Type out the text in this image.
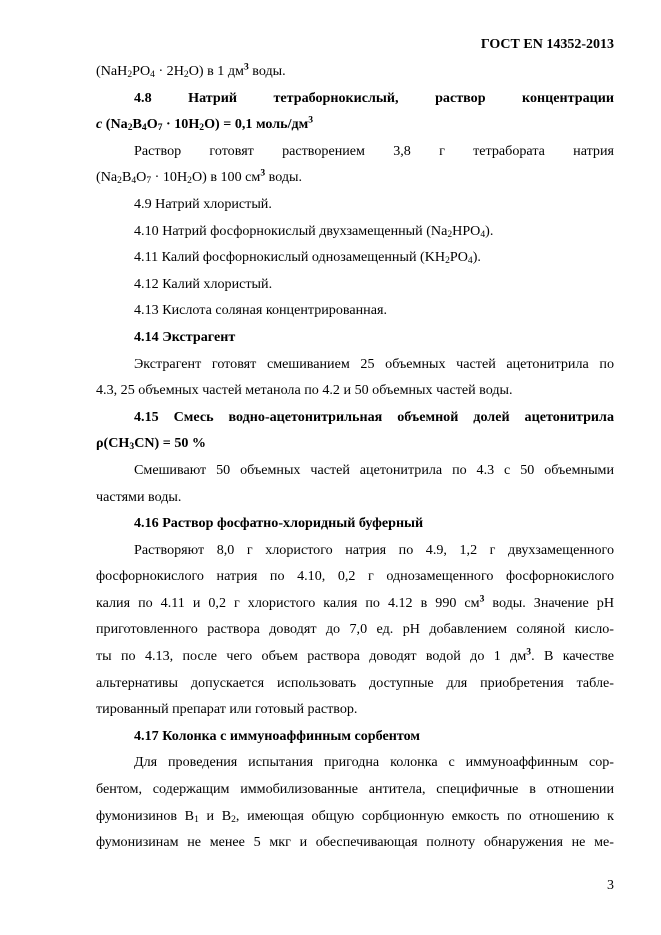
ГОСТ EN 14352-2013

$(NaH_2PO_4 \cdot 2H_2O)$ в 1 $дм^3$ воды.

4.8	Натрий	тетраборнокислый,	раствор	концентрации

c $(Na_2B_4O_7 \cdot 10H_2O) = 0,1$ моль/$дм^3$

Раствор готовят растворением 3,8 г тетрабората натрия

$(Na_2B_4O_7 \cdot 10H_2O)$ в 100 $см^3$ воды.

4.9 Натрий хлористый.

4.10 Натрий фосфорнокислый двухзамещенный $(Na_2HPO_4)$.

4.11 Калий фосфорнокислый однозамещенный $(KH_2PO_4)$.

4.12 Калий хлористый.

4.13 Кислота соляная концентрированная.

4.14 Экстрагент

Экстрагент готовят смешиванием 25 объемных частей ацетонитрила по

4.3, 25 объемных частей метанола по 4.2 и 50 объемных частей воды.

4.15 Смесь водно-ацетонитрильная объемной долей ацетонитрила

$\rho(CH_3CN) = 50$ %

Смешивают 50 объемных частей ацетонитрила по 4.3 с 50 объемными

частями воды.

4.16 Раствор фосфатно-хлоридный буферный

Растворяют 8,0 г хлористого натрия по 4.9, 1,2 г двухзамещенного

фосфорнокислого натрия по 4.10, 0,2 г однозамещенного фосфорнокислого

калия по 4.11 и 0,2 г хлористого калия по 4.12 в 990 $см^3$ воды. Значение pH

приготовленного раствора доводят до 7,0 ед. pH добавлением соляной кисло-

ты по 4.13, после чего объем раствора доводят водой до 1 $дм^3$. В качестве

альтернативы допускается использовать доступные для приобретения табле-

тированный препарат или готовый раствор.

4.17 Колонка с иммуноаффинным сорбентом

Для проведения испытания пригодна колонка с иммуноаффинным сор-

бентом, содержащим иммобилизованные антитела, специфичные в отношении

фумонизинов $B_1$ и $B_2$, имеющая общую сорбционную емкость по отношению к

фумонизинам не менее 5 мкг и обеспечивающая полноту обнаружения не ме-

3
